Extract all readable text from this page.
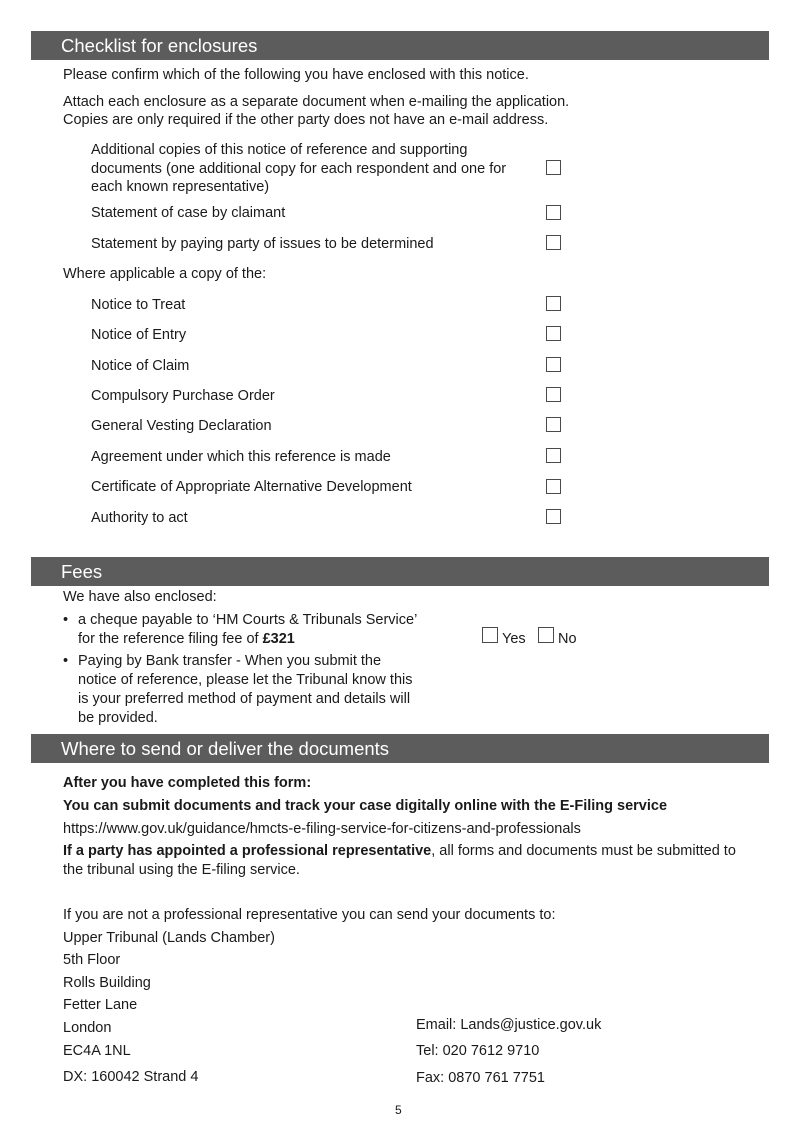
Checklist for enclosures
Please confirm which of the following you have enclosed with this notice.
Attach each enclosure as a separate document when e-mailing the application.
Copies are only required if the other party does not have an e-mail address.
Additional copies of this notice of reference and supporting
documents (one additional copy for each respondent and one for
each known representative)
Statement of case by claimant
Statement by paying party of issues to be determined
Where applicable a copy of the:
Notice to Treat
Notice of Entry
Notice of Claim
Compulsory Purchase Order
General Vesting Declaration
Agreement under which this reference is made
Certificate of Appropriate Alternative Development
Authority to act
Fees
We have also enclosed:
• a cheque payable to ‘HM Courts & Tribunals Service’ for the reference filing fee of £321
• Paying by Bank transfer - When you submit the notice of reference, please let the Tribunal know this is your preferred method of payment and details will be provided.
Yes No
Where to send or deliver the documents
After you have completed this form:
You can submit documents and track your case digitally online with the E-Filing service
https://www.gov.uk/guidance/hmcts-e-filing-service-for-citizens-and-professionals
If a party has appointed a professional representative, all forms and documents must be submitted to
the tribunal using the E-filing service.
If you are not a professional representative you can send your documents to:
Upper Tribunal (Lands Chamber)
5th Floor
Rolls Building
Fetter Lane
London
EC4A 1NL
DX: 160042 Strand 4
Email: Lands@justice.gov.uk
Tel: 020 7612 9710
Fax: 0870 761 7751
5
